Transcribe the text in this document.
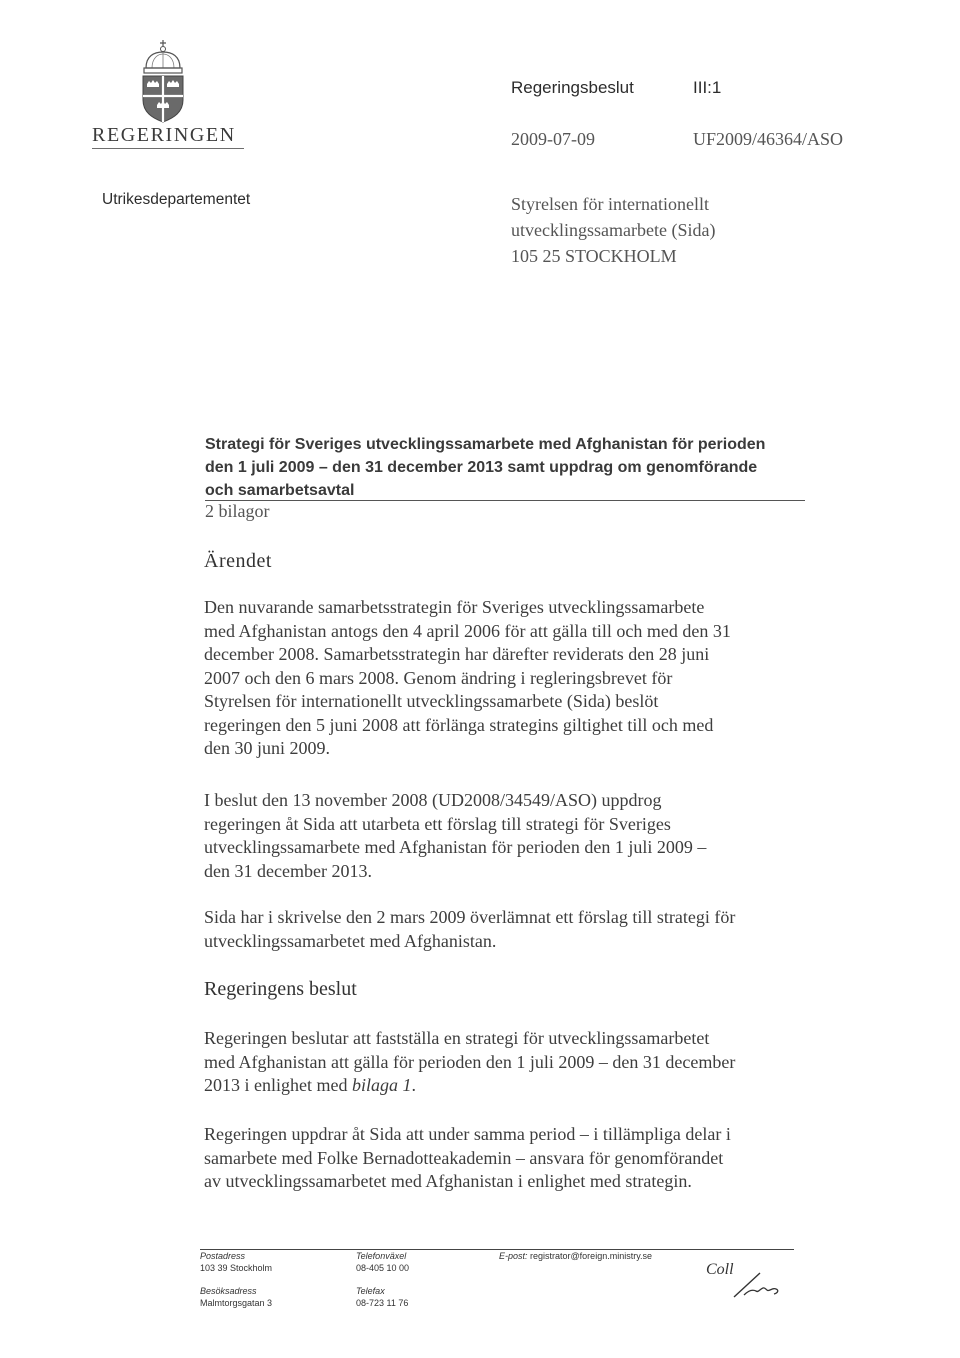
REGERINGEN
Utrikesdepartementet
Regeringsbeslut	III:1
2009-07-09	UF2009/46364/ASO
Styrelsen för internationellt
utvecklingssamarbete (Sida)
105 25 STOCKHOLM
Strategi för Sveriges utvecklingssamarbete med Afghanistan för perioden
den 1 juli 2009 – den 31 december 2013 samt uppdrag om genomförande
och samarbetsavtal
2 bilagor
Ärendet
Den nuvarande samarbetsstrategin för Sveriges utvecklingssamarbete
med Afghanistan antogs den 4 april 2006 för att gälla till och med den 31
december 2008. Samarbetsstrategin har därefter reviderats den 28 juni
2007 och den 6 mars 2008. Genom ändring i regleringsbrevet för
Styrelsen för internationellt utvecklingssamarbete (Sida) beslöt
regeringen den 5 juni 2008 att förlänga strategins giltighet till och med
den 30 juni 2009.
I beslut den 13 november 2008 (UD2008/34549/ASO) uppdrog
regeringen åt Sida att utarbeta ett förslag till strategi för Sveriges
utvecklingssamarbete med Afghanistan för perioden den 1 juli 2009 –
den 31 december 2013.
Sida har i skrivelse den 2 mars 2009 överlämnat ett förslag till strategi för
utvecklingssamarbetet med Afghanistan.
Regeringens beslut
Regeringen beslutar att fastställa en strategi för utvecklingssamarbetet
med Afghanistan att gälla för perioden den 1 juli 2009 – den 31 december
2013 i enlighet med bilaga 1.
Regeringen uppdrar åt Sida att under samma period – i tillämpliga delar i
samarbete med Folke Bernadotteakademin – ansvara för genomförandet
av utvecklingssamarbetet med Afghanistan i enlighet med strategin.
Postadress
103 39 Stockholm
Besöksadress
Malmtorgsgatan 3
Telefonväxel
08-405 10 00
Telefax
08-723 11 76
E-post: registrator@foreign.ministry.se
Coll
